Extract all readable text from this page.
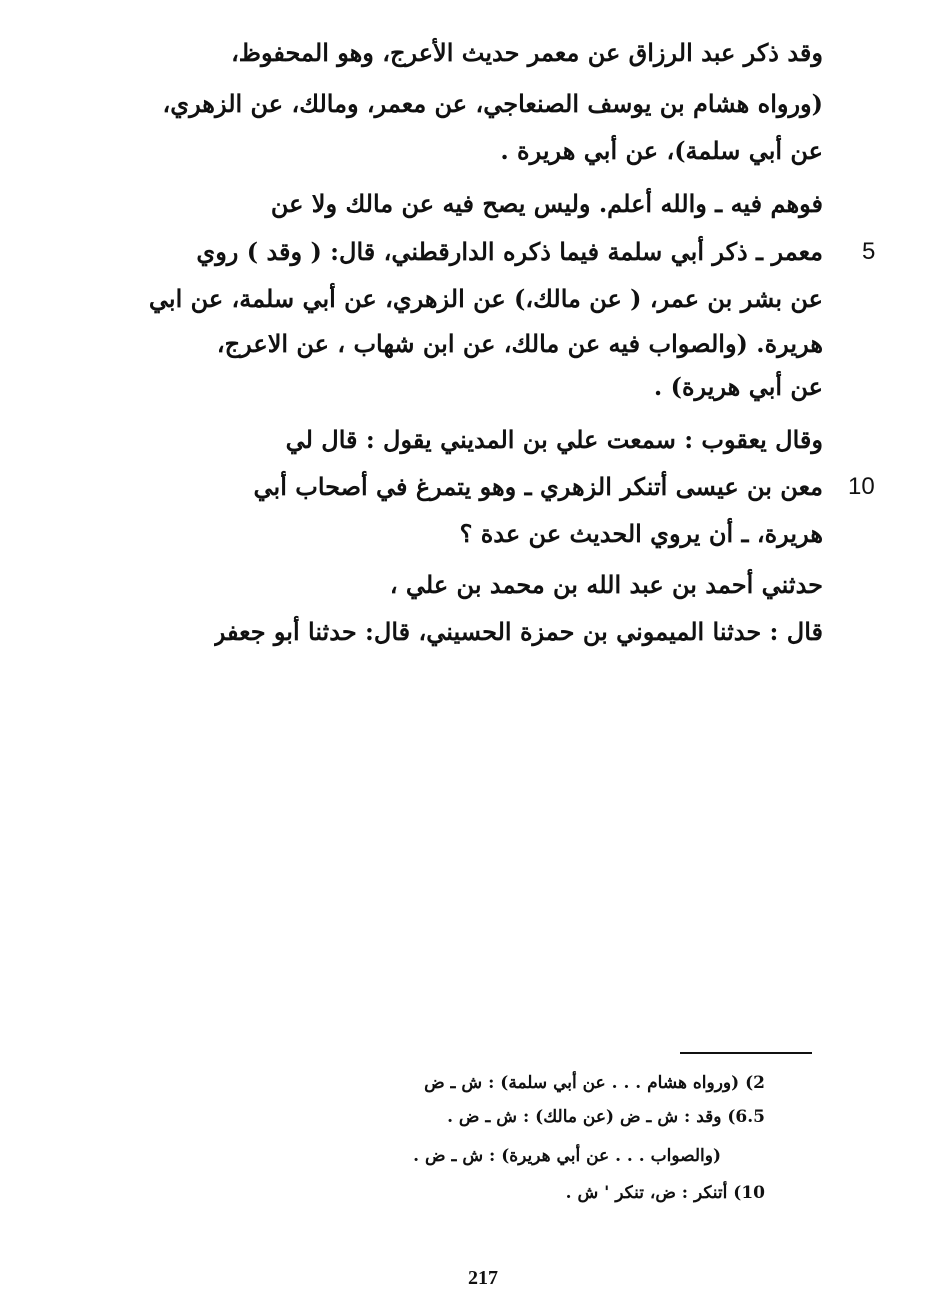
وقد ذكر عبد الرزاق عن معمر حديث الأعرج، وهو المحفوظ،
(ورواه هشام بن يوسف الصنعاجي، عن معمر، ومالك، عن الزهري،
عن أبي سلمة)، عن أبي هريرة .
فوهم فيه ـ والله أعلم. وليس يصح فيه عن مالك ولا عن
معمر ـ ذكر أبي سلمة فيما ذكره الدارقطني، قال: ( وقد ) روي
عن بشر بن عمر، ( عن مالك،) عن الزهري، عن أبي سلمة، عن ابي
هريرة. (والصواب فيه عن مالك، عن ابن شهاب ، عن الاعرج،
عن أبي هريرة) .
وقال يعقوب : سمعت علي بن المديني يقول : قال لي
معن بن عيسى أتنكر الزهري ـ وهو يتمرغ في أصحاب أبي
هريرة، ـ أن يروي الحديث عن عدة ؟
حدثني أحمد بن عبد الله بن محمد بن علي ،
قال : حدثنا الميموني بن حمزة الحسيني، قال: حدثنا أبو جعفر
5
10
2) (ورواه هشام . . . عن أبي سلمة) : ش ـ ض
6.5) وقد : ش ـ ض (عن مالك) : ش ـ ض .
(والصواب . . . عن أبي هريرة) : ش ـ ض .
10) أتنكر : ض، تنكر ' ش .
217
